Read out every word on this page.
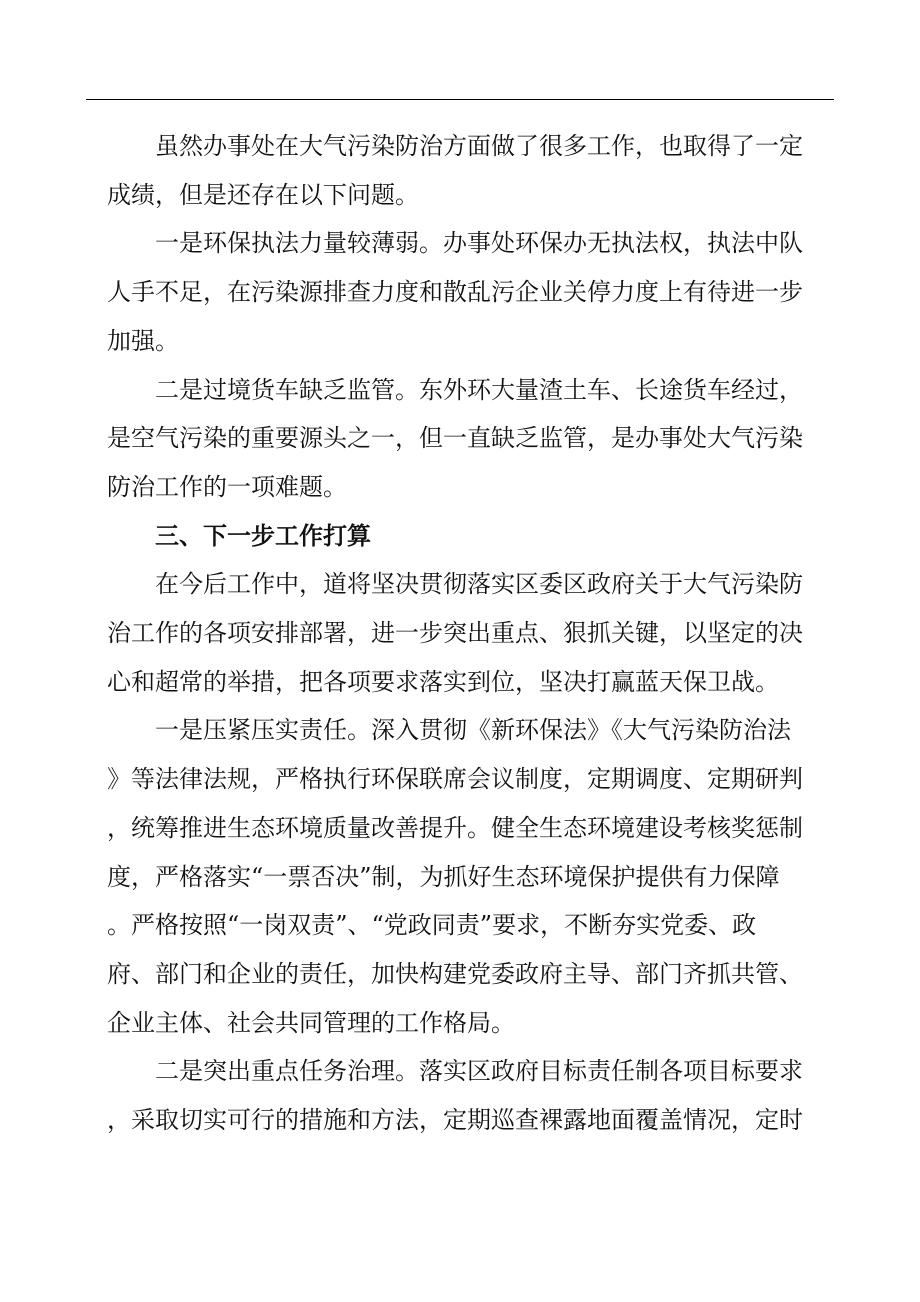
虽然办事处在大气污染防治方面做了很多工作，也取得了一定
成绩，但是还存在以下问题。
一是环保执法力量较薄弱。办事处环保办无执法权，执法中队
人手不足，在污染源排查力度和散乱污企业关停力度上有待进一步
加强。
二是过境货车缺乏监管。东外环大量渣土车、长途货车经过，
是空气污染的重要源头之一，但一直缺乏监管，是办事处大气污染
防治工作的一项难题。
三、下一步工作打算
在今后工作中，道将坚决贯彻落实区委区政府关于大气污染防
治工作的各项安排部署，进一步突出重点、狠抓关键，以坚定的决
心和超常的举措，把各项要求落实到位，坚决打赢蓝天保卫战。
一是压紧压实责任。深入贯彻《新环保法》《大气污染防治法
》等法律法规，严格执行环保联席会议制度，定期调度、定期研判
，统筹推进生态环境质量改善提升。健全生态环境建设考核奖惩制
度，严格落实“一票否决”制，为抓好生态环境保护提供有力保障
。严格按照“一岗双责”、“党政同责”要求，不断夯实党委、政
府、部门和企业的责任，加快构建党委政府主导、部门齐抓共管、
企业主体、社会共同管理的工作格局。
二是突出重点任务治理。落实区政府目标责任制各项目标要求
，采取切实可行的措施和方法，定期巡查裸露地面覆盖情况，定时
